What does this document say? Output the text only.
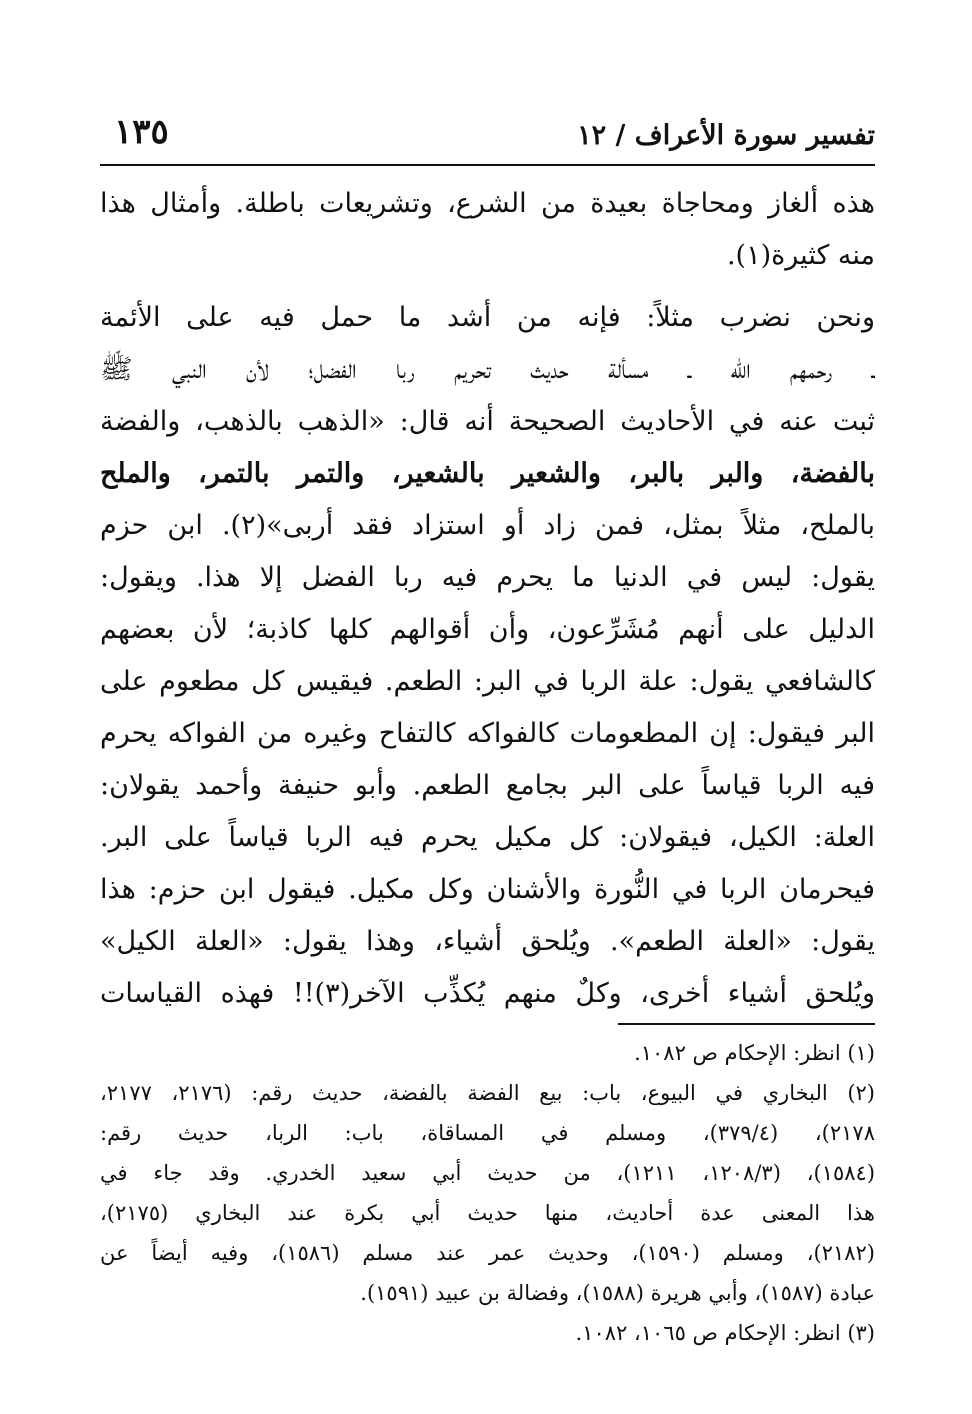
تفسير سورة الأعراف / ١٢
١٣٥
هذه ألغاز ومحاجاة بعيدة من الشرع، وتشريعات باطلة. وأمثال هذا
منه كثيرة(١).
ونحن نضرب مثلاً: فإنه من أشد ما حمل فيه على الأئمة
ـ رحمهم الله ـ مسألة حديث تحريم ربا الفضل؛ لأن النبي ﷺ
ثبت عنه في الأحاديث الصحيحة أنه قال: «الذهب بالذهب، والفضة
بالفضة، والبر بالبر، والشعير بالشعير، والتمر بالتمر، والملح
بالملح، مثلاً بمثل، فمن زاد أو استزاد فقد أربى»(٢). ابن حزم
يقول: ليس في الدنيا ما يحرم فيه ربا الفضل إلا هذا. ويقول:
الدليل على أنهم مُشَرِّعون، وأن أقوالهم كلها كاذبة؛ لأن بعضهم
كالشافعي يقول: علة الربا في البر: الطعم. فيقيس كل مطعوم على
البر فيقول: إن المطعومات كالفواكه كالتفاح وغيره من الفواكه يحرم
فيه الربا قياساً على البر بجامع الطعم. وأبو حنيفة وأحمد يقولان:
العلة: الكيل، فيقولان: كل مكيل يحرم فيه الربا قياساً على البر.
فيحرمان الربا في النُّورة والأشنان وكل مكيل. فيقول ابن حزم: هذا
يقول: «العلة الطعم». ويُلحق أشياء، وهذا يقول: «العلة الكيل»
ويُلحق أشياء أخرى، وكلٌ منهم يُكذِّب الآخر(٣)!! فهذه القياسات
(١) انظر: الإحكام ص ١٠٨٢.
(٢) البخاري في البيوع، باب: بيع الفضة بالفضة، حديث رقم: (٢١٧٦، ٢١٧٧،
٢١٧٨)، (٣٧٩/٤)، ومسلم في المساقاة، باب: الربا، حديث رقم:
(١٥٨٤)، (١٢٠٨/٣، ١٢١١)، من حديث أبي سعيد الخدري. وقد جاء في
هذا المعنى عدة أحاديث، منها حديث أبي بكرة عند البخاري (٢١٧٥)،
(٢١٨٢)، ومسلم (١٥٩٠)، وحديث عمر عند مسلم (١٥٨٦)، وفيه أيضاً عن
عبادة (١٥٨٧)، وأبي هريرة (١٥٨٨)، وفضالة بن عبيد (١٥٩١).
(٣) انظر: الإحكام ص ١٠٦٥، ١٠٨٢.
